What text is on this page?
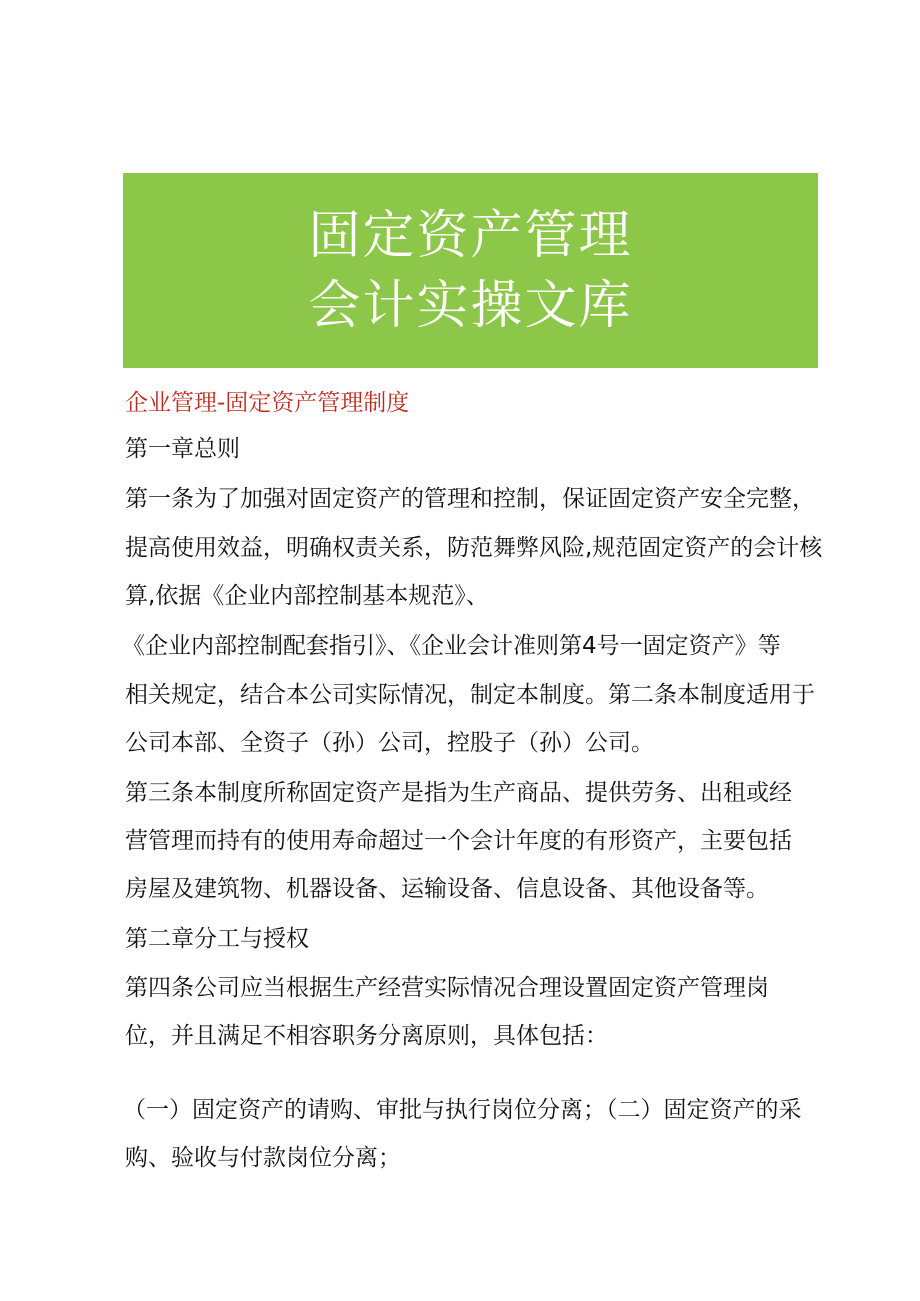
固定资产管理
会计实操文库
企业管理-固定资产管理制度
第一章总则
第一条为了加强对固定资产的管理和控制，保证固定资产安全完整，
提高使用效益，明确权责关系，防范舞弊风险,规范固定资产的会计核
算,依据《企业内部控制基本规范》、
《企业内部控制配套指引》、《企业会计准则第4号一固定资产》等
相关规定，结合本公司实际情况，制定本制度。第二条本制度适用于
公司本部、全资子（孙）公司，控股子（孙）公司。
第三条本制度所称固定资产是指为生产商品、提供劳务、出租或经
营管理而持有的使用寿命超过一个会计年度的有形资产，主要包括
房屋及建筑物、机器设备、运输设备、信息设备、其他设备等。
第二章分工与授权
第四条公司应当根据生产经营实际情况合理设置固定资产管理岗
位，并且满足不相容职务分离原则，具体包括：
（一）固定资产的请购、审批与执行岗位分离；（二）固定资产的采
购、验收与付款岗位分离；
